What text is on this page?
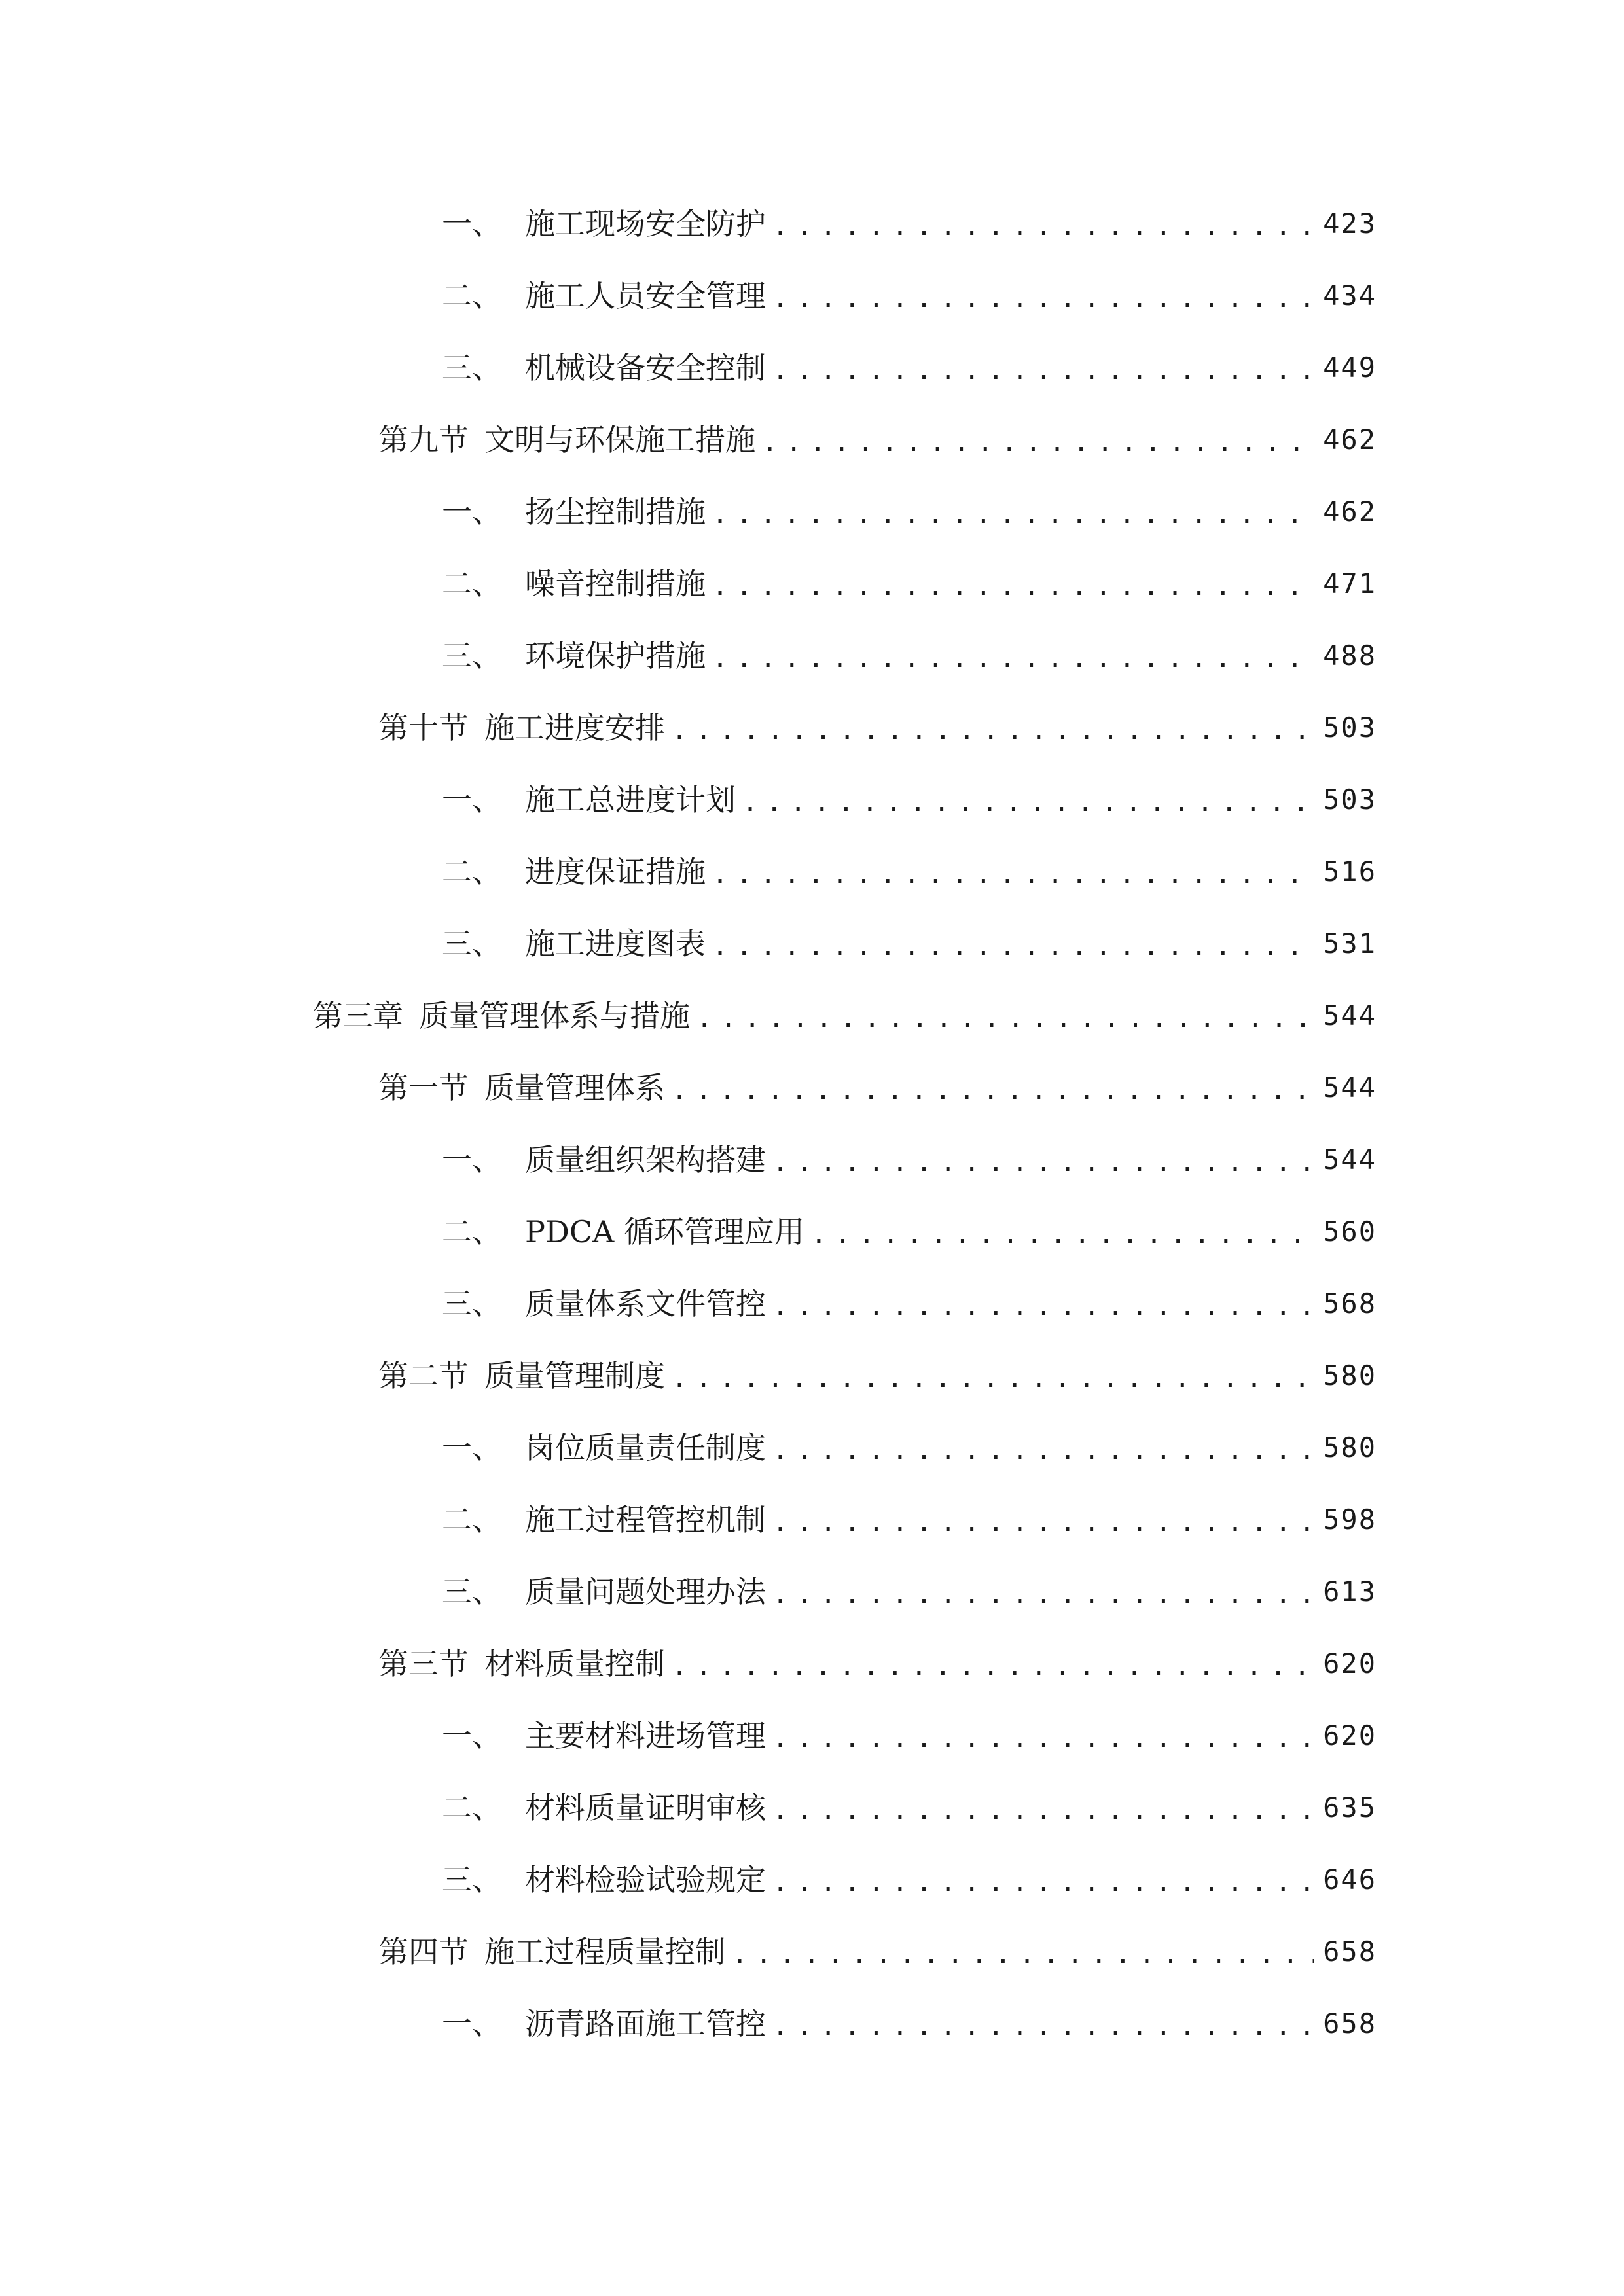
一、 施工现场安全防护 .....	423
二、 施工人员安全管理 .....	434
三、 机械设备安全控制 .....	449
第九节 文明与环保施工措施 .....	462
一、 扬尘控制措施 .....	462
二、 噪音控制措施 .....	471
三、 环境保护措施 .....	488
第十节 施工进度安排 .....	503
一、 施工总进度计划 .....	503
二、 进度保证措施 .....	516
三、 施工进度图表 .....	531
第三章 质量管理体系与措施 .....	544
第一节 质量管理体系 .....	544
一、 质量组织架构搭建 .....	544
二、 PDCA 循环管理应用 .....	560
三、 质量体系文件管控 .....	568
第二节 质量管理制度 .....	580
一、 岗位质量责任制度 .....	580
二、 施工过程管控机制 .....	598
三、 质量问题处理办法 .....	613
第三节 材料质量控制 .....	620
一、 主要材料进场管理 .....	620
二、 材料质量证明审核 .....	635
三、 材料检验试验规定 .....	646
第四节 施工过程质量控制 .....	658
一、 沥青路面施工管控 .....	658
